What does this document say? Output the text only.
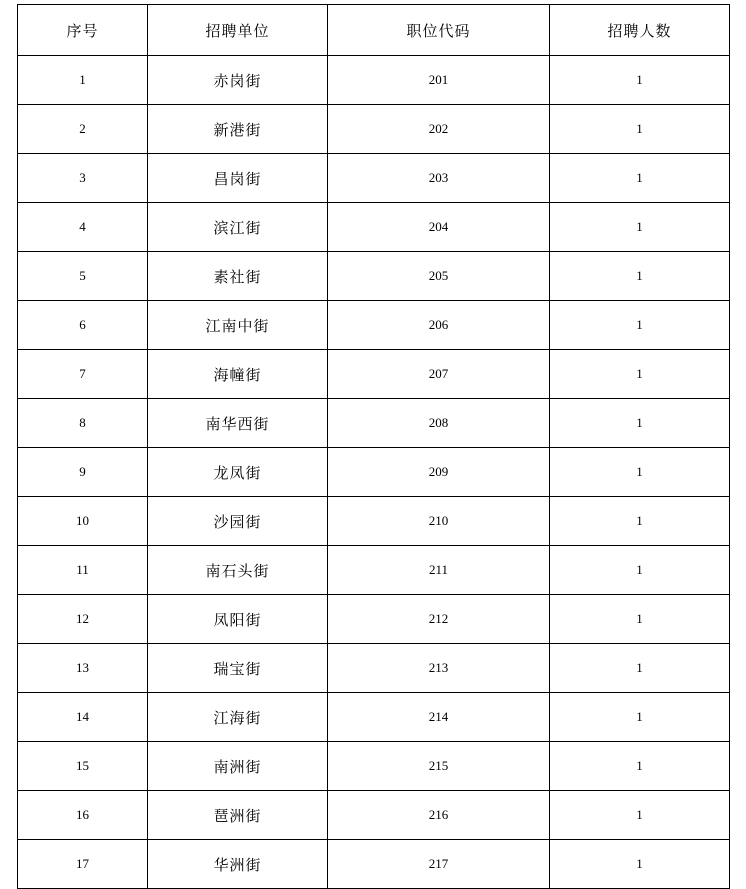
序号	招聘单位	职位代码	招聘人数
1	赤岗街	201	1
2	新港街	202	1
3	昌岗街	203	1
4	滨江街	204	1
5	素社街	205	1
6	江南中街	206	1
7	海幢街	207	1
8	南华西街	208	1
9	龙凤街	209	1
10	沙园街	210	1
11	南石头街	211	1
12	凤阳街	212	1
13	瑞宝街	213	1
14	江海街	214	1
15	南洲街	215	1
16	琶洲街	216	1
17	华洲街	217	1
